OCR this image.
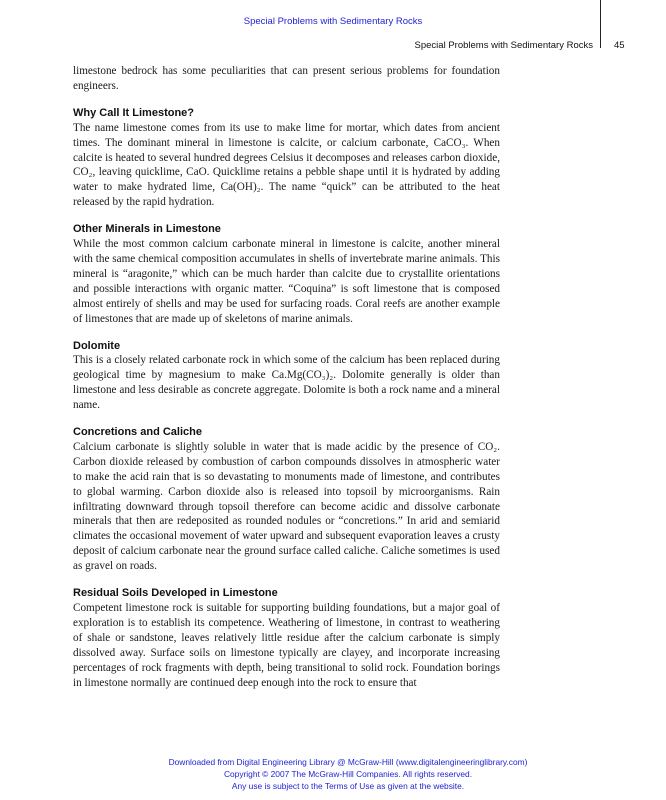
Special Problems with Sedimentary Rocks
Special Problems with Sedimentary Rocks 45

limestone bedrock has some peculiarities that can present serious problems for foundation engineers.

Why Call It Limestone?

The name limestone comes from its use to make lime for mortar, which dates from ancient times. The dominant mineral in limestone is calcite, or calcium carbonate, CaCO₃. When calcite is heated to several hundred degrees Celsius it decomposes and releases carbon dioxide, CO₂, leaving quicklime, CaO. Quicklime retains a pebble shape until it is hydrated by adding water to make hydrated lime, Ca(OH)₂. The name “quick” can be attributed to the heat released by the rapid hydration.

Other Minerals in Limestone

While the most common calcium carbonate mineral in limestone is calcite, another mineral with the same chemical composition accumulates in shells of invertebrate marine animals. This mineral is “aragonite,” which can be much harder than calcite due to crystallite orientations and possible interactions with organic matter. “Coquina” is soft limestone that is composed almost entirely of shells and may be used for surfacing roads. Coral reefs are another example of limestones that are made up of skeletons of marine animals.

Dolomite

This is a closely related carbonate rock in which some of the calcium has been replaced during geological time by magnesium to make Ca.Mg(CO₃)₂. Dolomite generally is older than limestone and less desirable as concrete aggregate. Dolomite is both a rock name and a mineral name.

Concretions and Caliche

Calcium carbonate is slightly soluble in water that is made acidic by the presence of CO₂. Carbon dioxide released by combustion of carbon compounds dissolves in atmospheric water to make the acid rain that is so devastating to monuments made of limestone, and contributes to global warming. Carbon dioxide also is released into topsoil by microorganisms. Rain infiltrating downward through topsoil therefore can become acidic and dissolve carbonate minerals that then are redeposited as rounded nodules or “concretions.” In arid and semiarid climates the occasional movement of water upward and subsequent evaporation leaves a crusty deposit of calcium carbonate near the ground surface called caliche. Caliche sometimes is used as gravel on roads.

Residual Soils Developed in Limestone

Competent limestone rock is suitable for supporting building foundations, but a major goal of exploration is to establish its competence. Weathering of limestone, in contrast to weathering of shale or sandstone, leaves relatively little residue after the calcium carbonate is simply dissolved away. Surface soils on limestone typically are clayey, and incorporate increasing percentages of rock fragments with depth, being transitional to solid rock. Foundation borings in limestone normally are continued deep enough into the rock to ensure that

Downloaded from Digital Engineering Library @ McGraw-Hill (www.digitalengineeringlibrary.com)
Copyright © 2007 The McGraw-Hill Companies. All rights reserved.
Any use is subject to the Terms of Use as given at the website.
